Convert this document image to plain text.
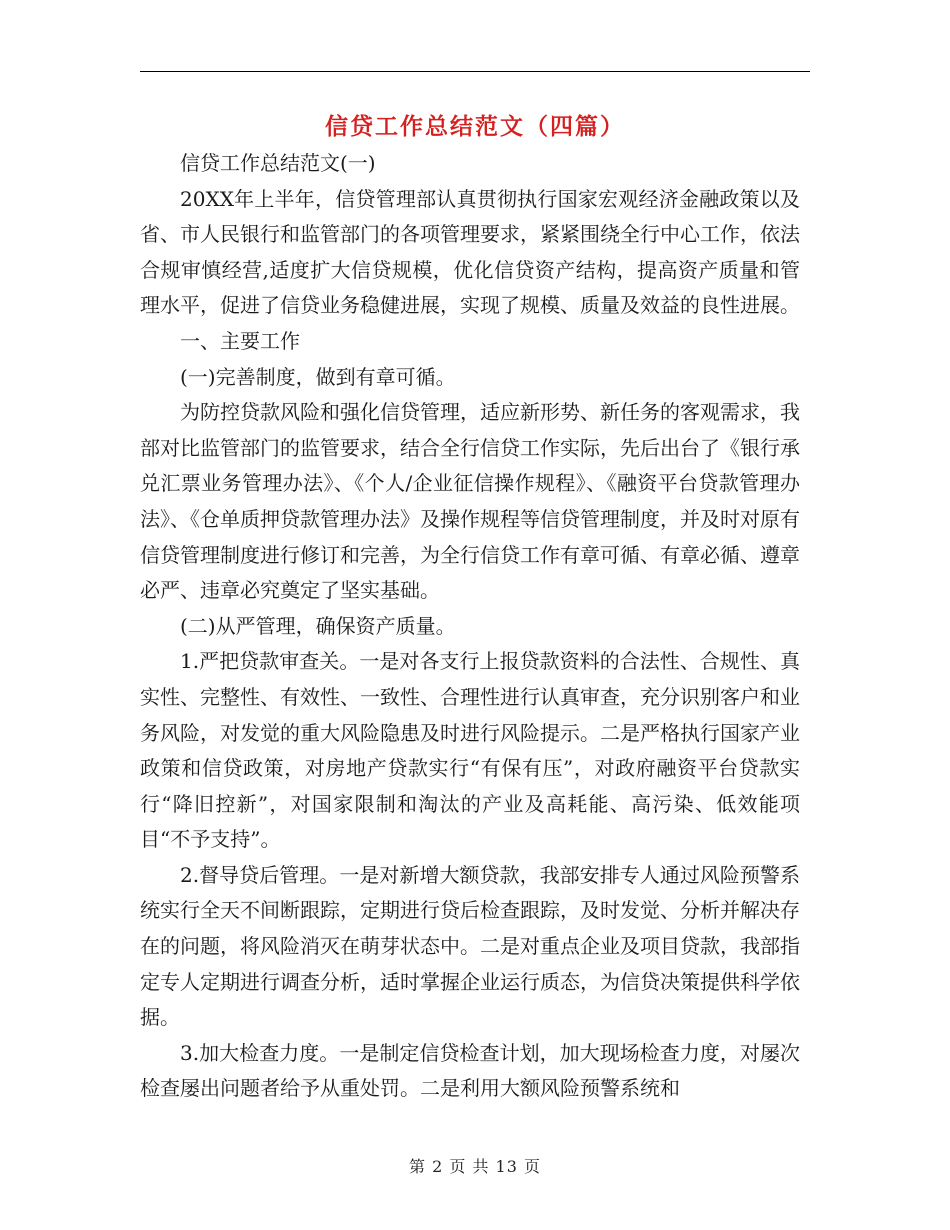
信贷工作总结范文（四篇）

信贷工作总结范文(一)

20XX年上半年，信贷管理部认真贯彻执行国家宏观经济金融政策以及省、市人民银行和监管部门的各项管理要求，紧紧围绕全行中心工作，依法合规审慎经营,适度扩大信贷规模，优化信贷资产结构，提高资产质量和管理水平，促进了信贷业务稳健进展，实现了规模、质量及效益的良性进展。

一、主要工作

(一)完善制度，做到有章可循。

为防控贷款风险和强化信贷管理，适应新形势、新任务的客观需求，我部对比监管部门的监管要求，结合全行信贷工作实际，先后出台了《银行承兑汇票业务管理办法》、《个人/企业征信操作规程》、《融资平台贷款管理办法》、《仓单质押贷款管理办法》及操作规程等信贷管理制度，并及时对原有信贷管理制度进行修订和完善，为全行信贷工作有章可循、有章必循、遵章必严、违章必究奠定了坚实基础。

(二)从严管理，确保资产质量。

1.严把贷款审查关。一是对各支行上报贷款资料的合法性、合规性、真实性、完整性、有效性、一致性、合理性进行认真审查，充分识别客户和业务风险，对发觉的重大风险隐患及时进行风险提示。二是严格执行国家产业政策和信贷政策，对房地产贷款实行“有保有压”，对政府融资平台贷款实行“降旧控新”，对国家限制和淘汰的产业及高耗能、高污染、低效能项目“不予支持”。

2.督导贷后管理。一是对新增大额贷款，我部安排专人通过风险预警系统实行全天不间断跟踪，定期进行贷后检查跟踪，及时发觉、分析并解决存在的问题，将风险消灭在萌芽状态中。二是对重点企业及项目贷款，我部指定专人定期进行调查分析，适时掌握企业运行质态，为信贷决策提供科学依据。

3.加大检查力度。一是制定信贷检查计划，加大现场检查力度，对屡次检查屡出问题者给予从重处罚。二是利用大额风险预警系统和

第 2 页 共 13 页
